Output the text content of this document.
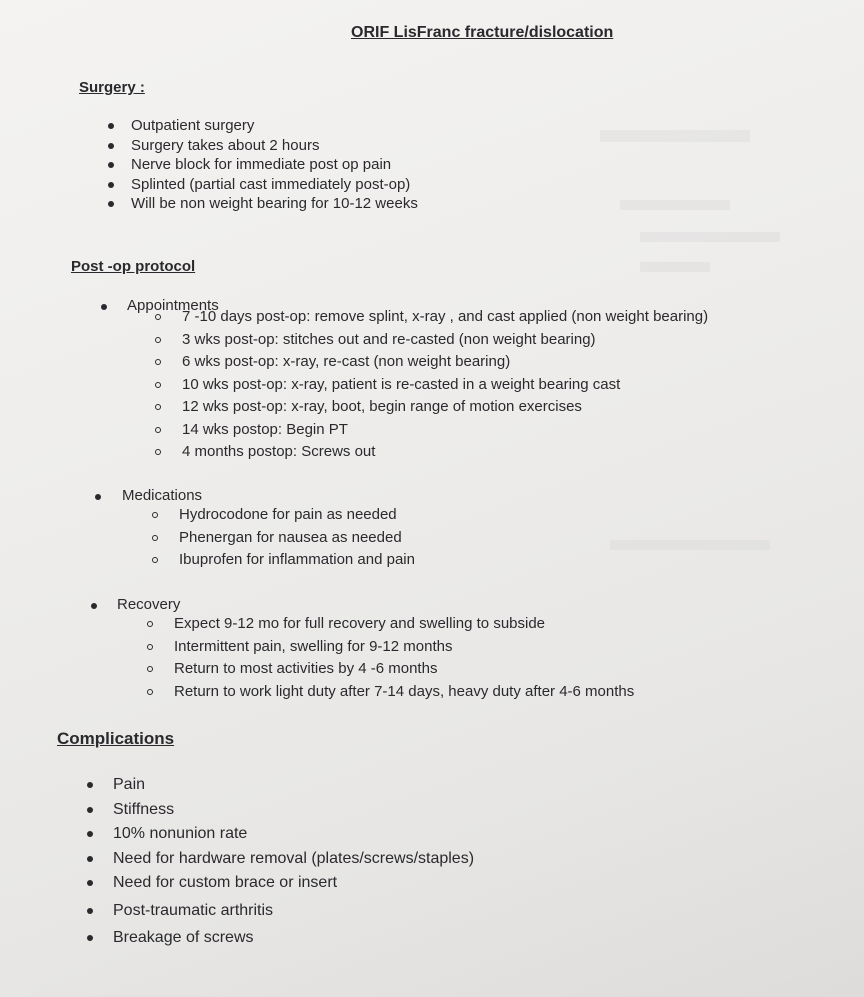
ORIF LisFranc fracture/dislocation
Surgery :
Outpatient surgery
Surgery takes about 2 hours
Nerve block for immediate post op pain
Splinted (partial cast immediately post-op)
Will be non weight bearing for 10-12 weeks
Post -op protocol
Appointments
7 -10 days post-op: remove splint, x-ray , and cast applied (non weight bearing)
3 wks post-op: stitches out and re-casted (non weight bearing)
6 wks post-op: x-ray, re-cast (non weight bearing)
10 wks post-op: x-ray, patient is re-casted in a weight bearing cast
12 wks post-op: x-ray, boot, begin range of motion exercises
14 wks postop: Begin PT
4 months postop: Screws out
Medications
Hydrocodone for pain as needed
Phenergan for nausea as needed
Ibuprofen for inflammation and pain
Recovery
Expect 9-12 mo for full recovery and swelling to subside
Intermittent pain, swelling for 9-12 months
Return to most activities by 4 -6 months
Return to work light duty after 7-14 days, heavy duty after 4-6 months
Complications
Pain
Stiffness
10% nonunion rate
Need for hardware removal (plates/screws/staples)
Need for custom brace or insert
Post-traumatic arthritis
Breakage of screws
